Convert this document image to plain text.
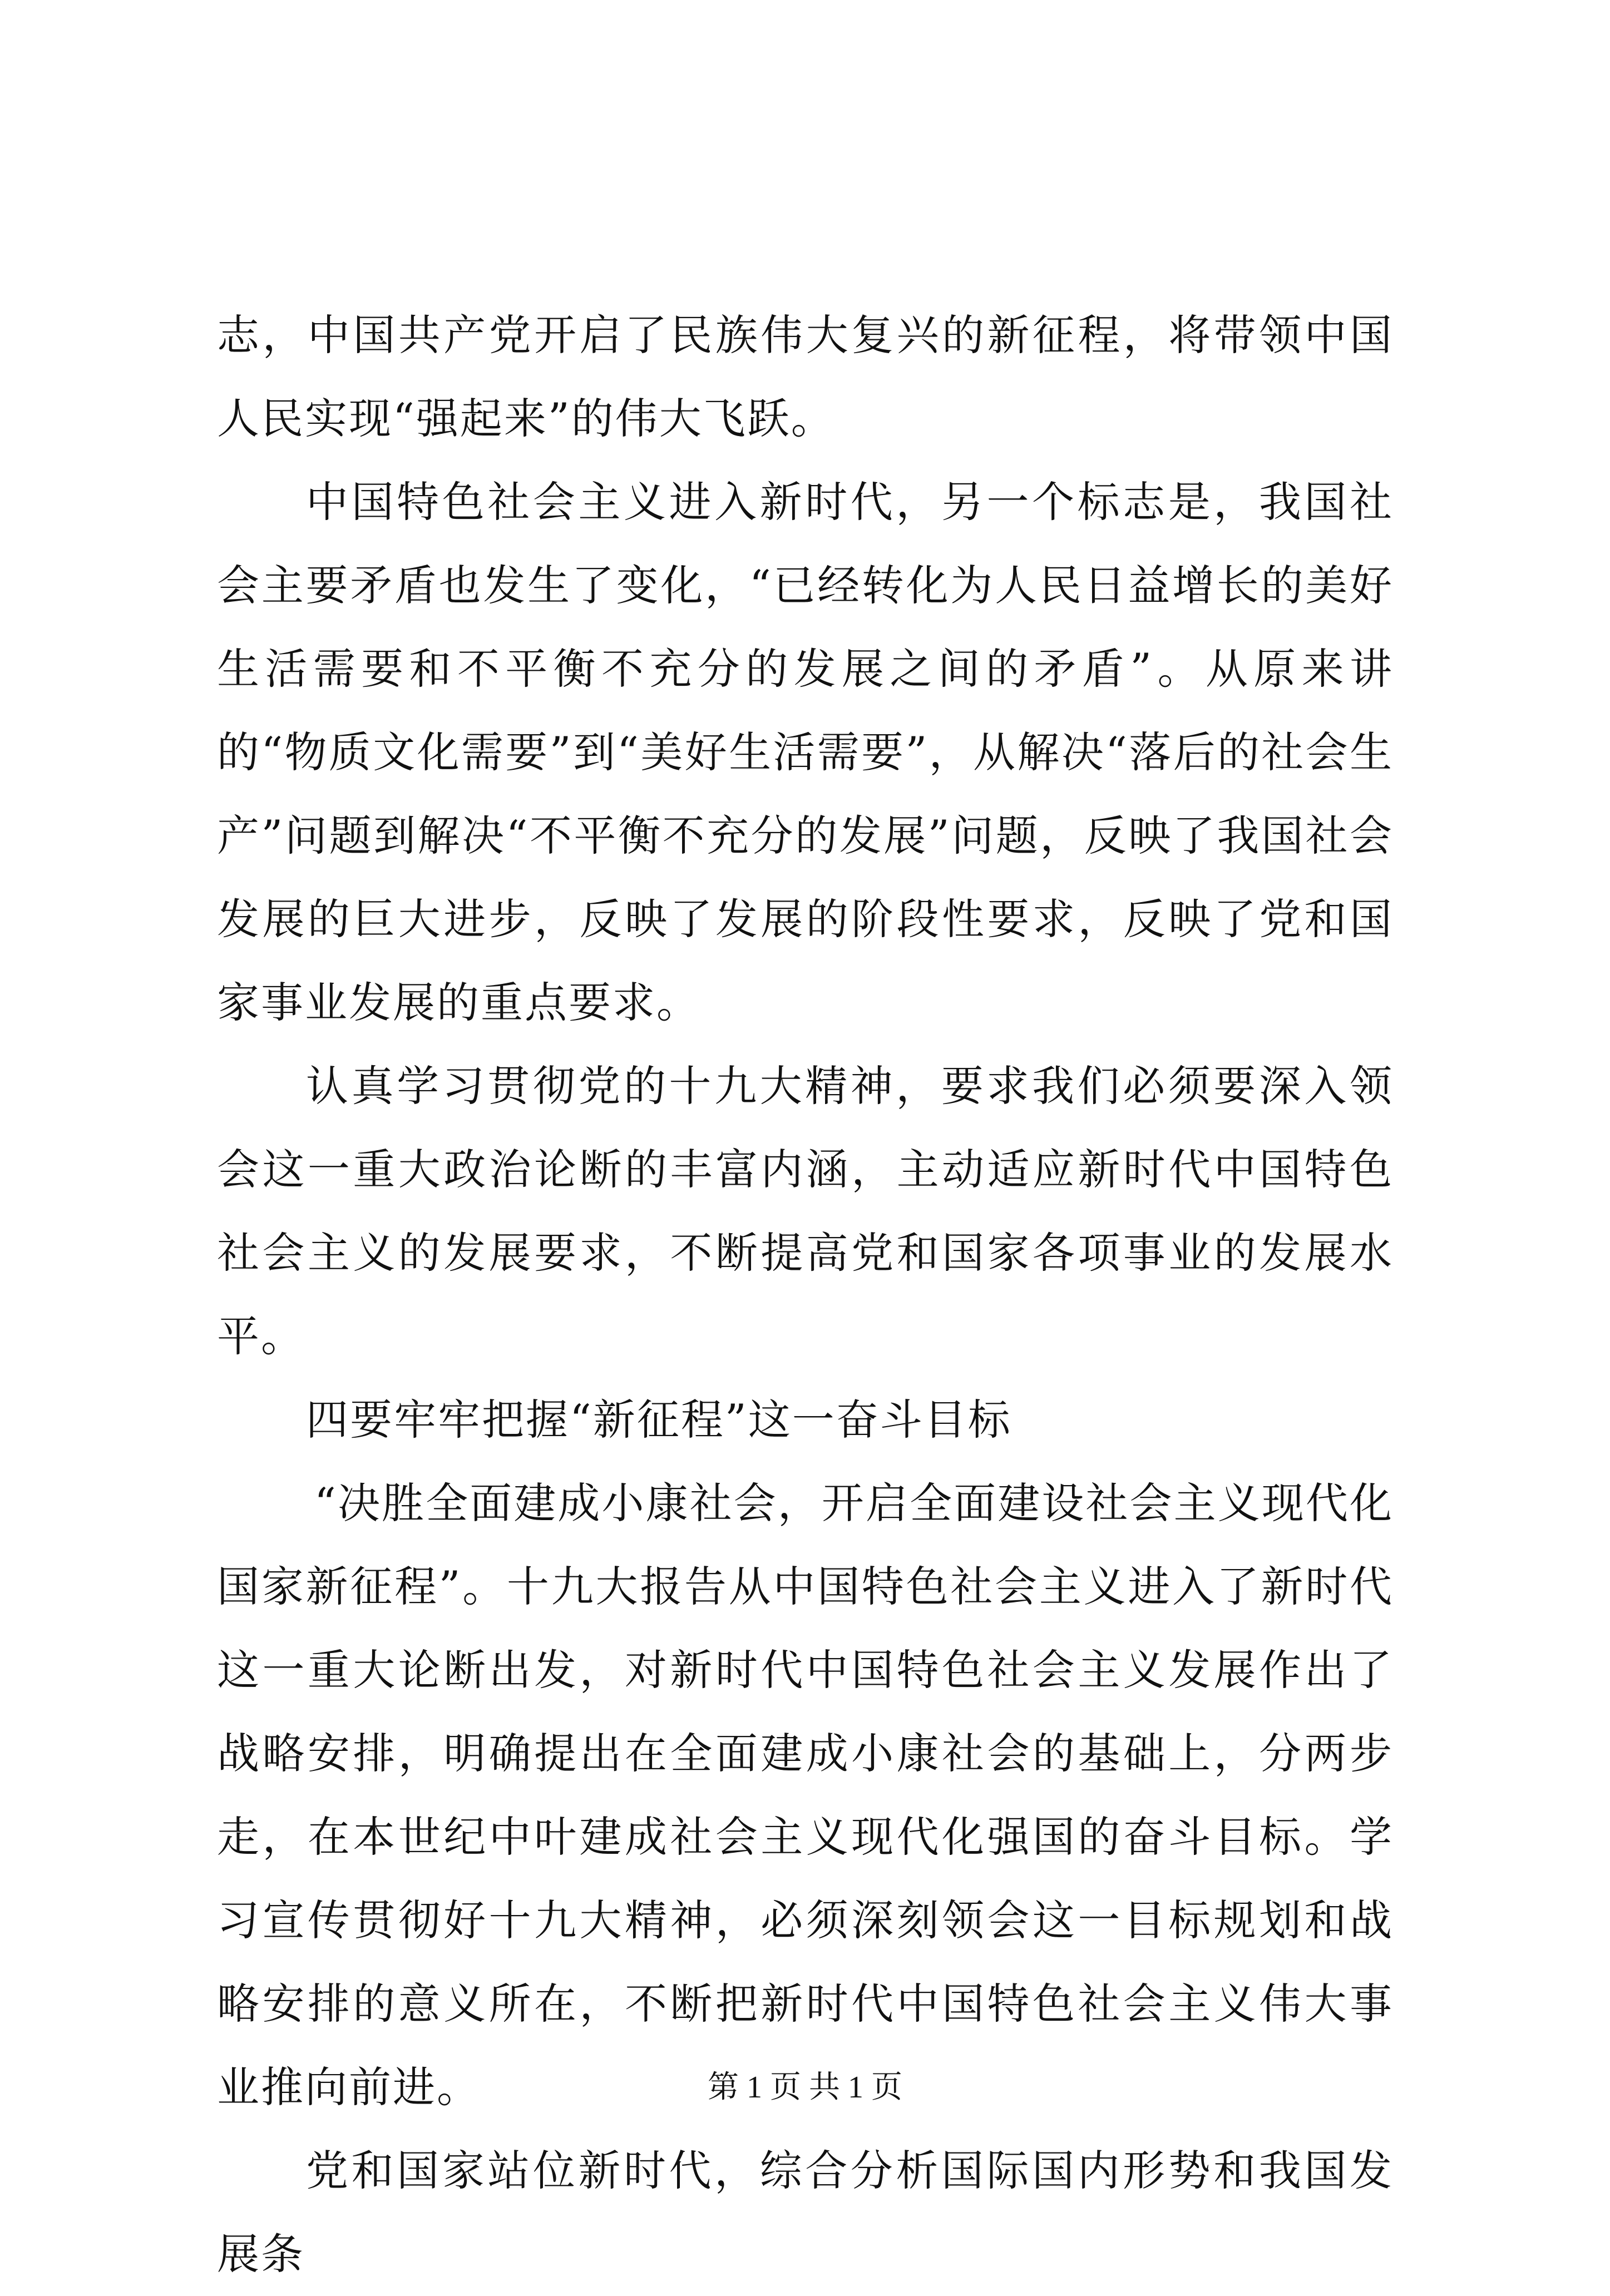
志，中国共产党开启了民族伟大复兴的新征程，将带领中国人民实现“强起来”的伟大飞跃。

中国特色社会主义进入新时代，另一个标志是，我国社会主要矛盾也发生了变化，“已经转化为人民日益增长的美好生活需要和不平衡不充分的发展之间的矛盾”。从原来讲的“物质文化需要”到“美好生活需要”，从解决“落后的社会生产”问题到解决“不平衡不充分的发展”问题，反映了我国社会发展的巨大进步，反映了发展的阶段性要求，反映了党和国家事业发展的重点要求。

认真学习贯彻党的十九大精神，要求我们必须要深入领会这一重大政治论断的丰富内涵，主动适应新时代中国特色社会主义的发展要求，不断提高党和国家各项事业的发展水平。

四要牢牢把握“新征程”这一奋斗目标

“决胜全面建成小康社会，开启全面建设社会主义现代化国家新征程”。十九大报告从中国特色社会主义进入了新时代这一重大论断出发，对新时代中国特色社会主义发展作出了战略安排，明确提出在全面建成小康社会的基础上，分两步走，在本世纪中叶建成社会主义现代化强国的奋斗目标。学习宣传贯彻好十九大精神，必须深刻领会这一目标规划和战略安排的意义所在，不断把新时代中国特色社会主义伟大事业推向前进。

党和国家站位新时代，综合分析国际国内形势和我国发展条

第 1 页 共 1 页
